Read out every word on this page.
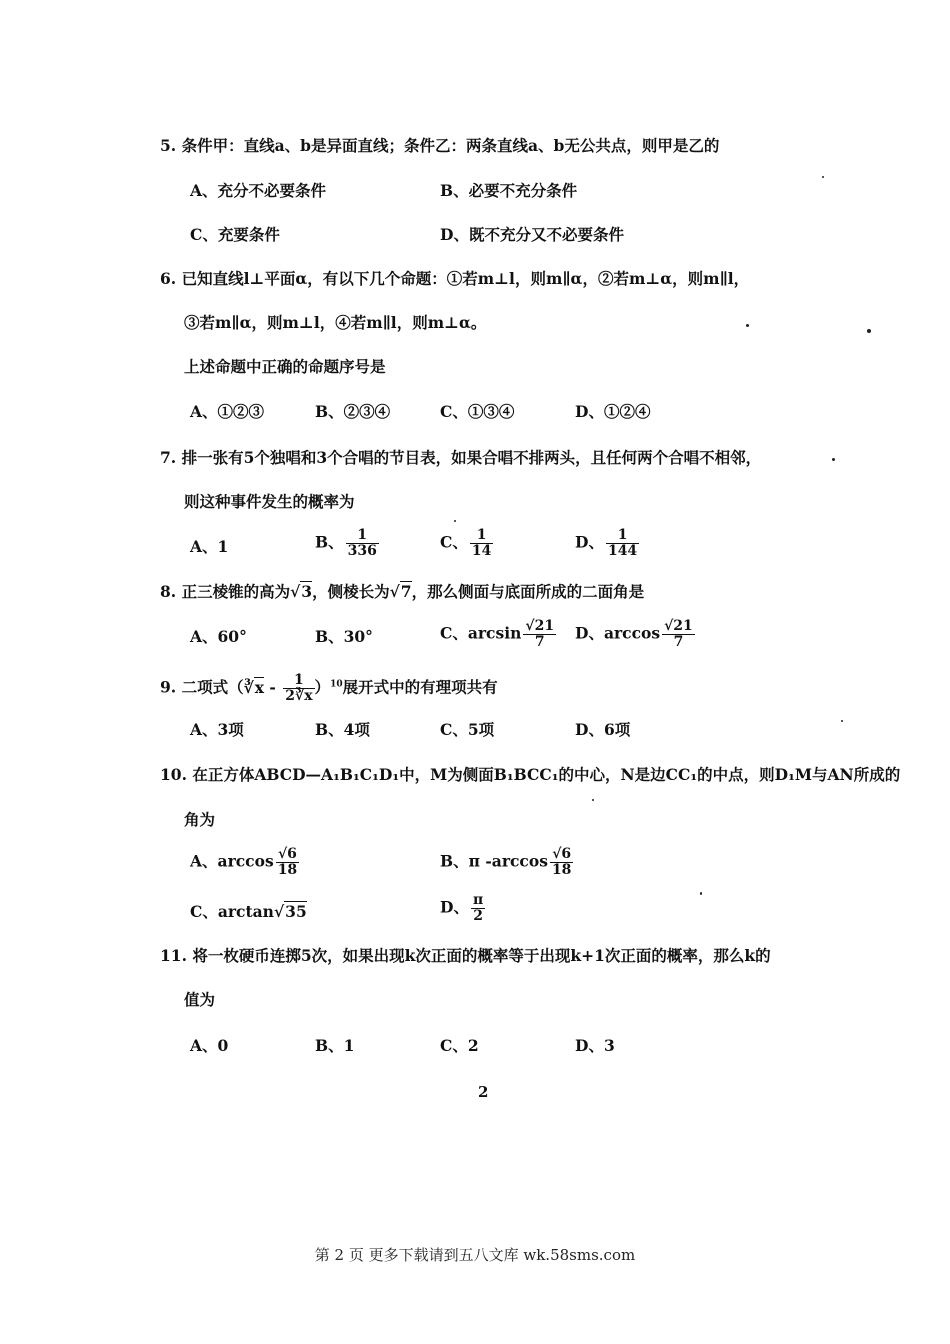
5. 条件甲：直线a、b是异面直线；条件乙：两条直线a、b无公共点，则甲是乙的
A、充分不必要条件	B、必要不充分条件
C、充要条件	D、既不充分又不必要条件
6. 已知直线l⊥平面α，有以下几个命题：①若m⊥l，则m∥α，②若m⊥α，则m∥l，
③若m∥α，则m⊥l，④若m∥l，则m⊥α。
上述命题中正确的命题序号是
A、①②③	B、②③④	C、①③④	D、①②④
7. 排一张有5个独唱和3个合唱的节目表，如果合唱不排两头，且任何两个合唱不相邻，
则这种事件发生的概率为
A、1	B、 $\frac{1}{336}$	C、 $\frac{1}{14}$	D、 $\frac{1}{144}$
8. 正三棱锥的高为√3，侧棱长为√7，那么侧面与底面所成的二面角是
A、60°	B、30°	C、$\arcsin \frac{√21}{7}$ D、$\arccos \frac{√21}{7}$
9. 二项式（∛x - $\frac{1}{2∛x} )^{10}$展开式中的有理项共有
A、3项	B、4项	C、5项	D、6项
10. 在正方体ABCD—A₁B₁C₁D₁中，M为侧面B₁BCC₁的中心，N是边CC₁的中点，则D₁M与AN所成的
角为
A、$\arccos \frac{√6}{18}$	B、π $-\arccos \frac{√6}{18}$
C、arctan√35	D、 $\frac{\pi}{2}$
11. 将一枚硬币连掷5次，如果出现k次正面的概率等于出现k+1次正面的概率，那么k的
值为
A、0	B、1	C、2	D、3
2
第 2 页 更多下载请到五八文库 wk.58sms.com
